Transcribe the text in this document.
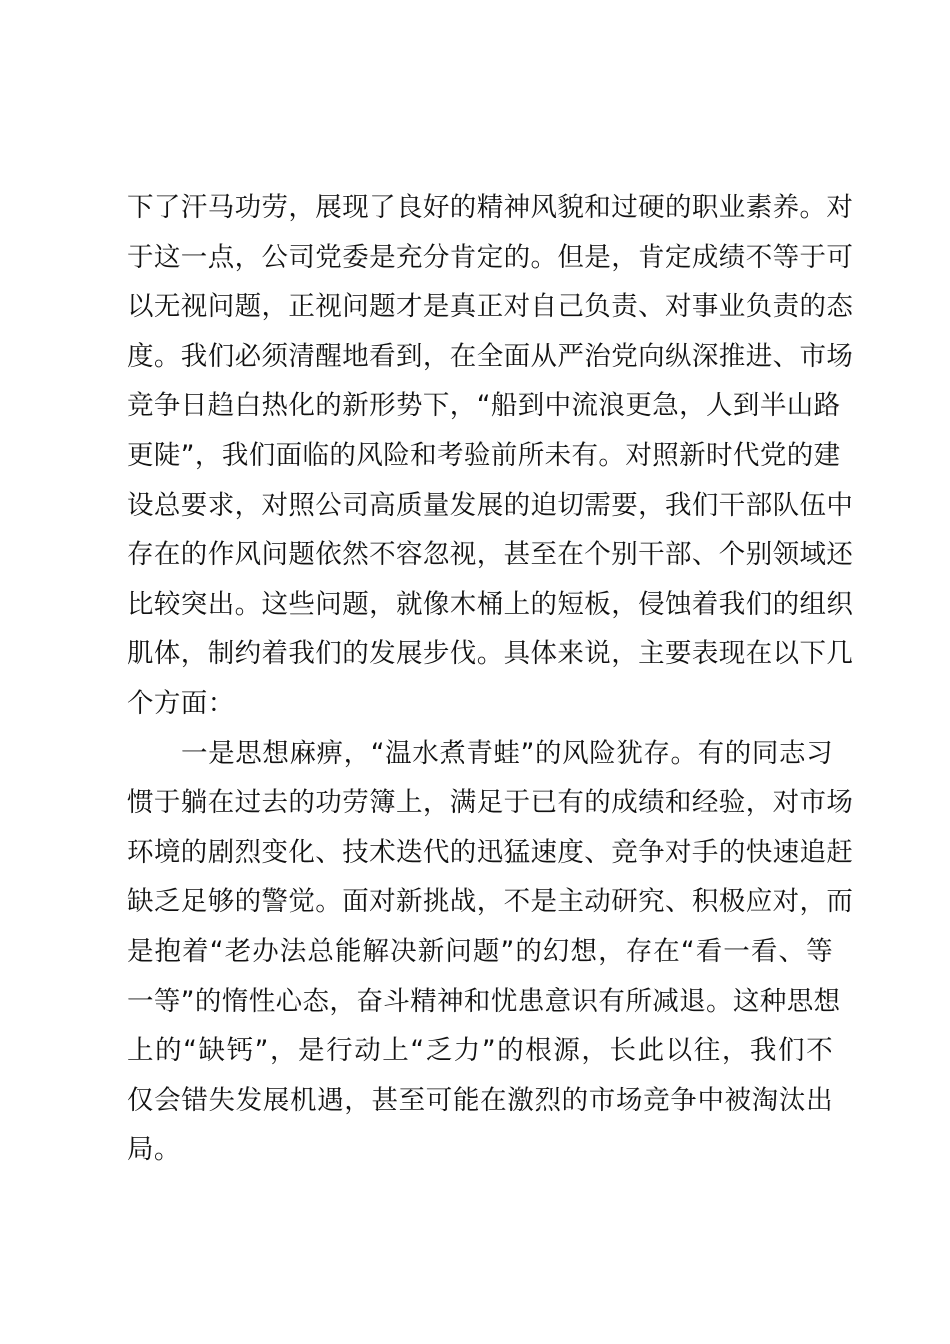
下了汗马功劳，展现了良好的精神风貌和过硬的职业素养。对
于这一点，公司党委是充分肯定的。但是，肯定成绩不等于可
以无视问题，正视问题才是真正对自己负责、对事业负责的态
度。我们必须清醒地看到，在全面从严治党向纵深推进、市场
竞争日趋白热化的新形势下，“船到中流浪更急，人到半山路
更陡”，我们面临的风险和考验前所未有。对照新时代党的建
设总要求，对照公司高质量发展的迫切需要，我们干部队伍中
存在的作风问题依然不容忽视，甚至在个别干部、个别领域还
比较突出。这些问题，就像木桶上的短板，侵蚀着我们的组织
肌体，制约着我们的发展步伐。具体来说，主要表现在以下几
个方面：
一是思想麻痹，“温水煮青蛙”的风险犹存。有的同志习
惯于躺在过去的功劳簿上，满足于已有的成绩和经验，对市场
环境的剧烈变化、技术迭代的迅猛速度、竞争对手的快速追赶
缺乏足够的警觉。面对新挑战，不是主动研究、积极应对，而
是抱着“老办法总能解决新问题”的幻想，存在“看一看、等
一等”的惰性心态，奋斗精神和忧患意识有所减退。这种思想
上的“缺钙”，是行动上“乏力”的根源，长此以往，我们不
仅会错失发展机遇，甚至可能在激烈的市场竞争中被淘汰出
局。
